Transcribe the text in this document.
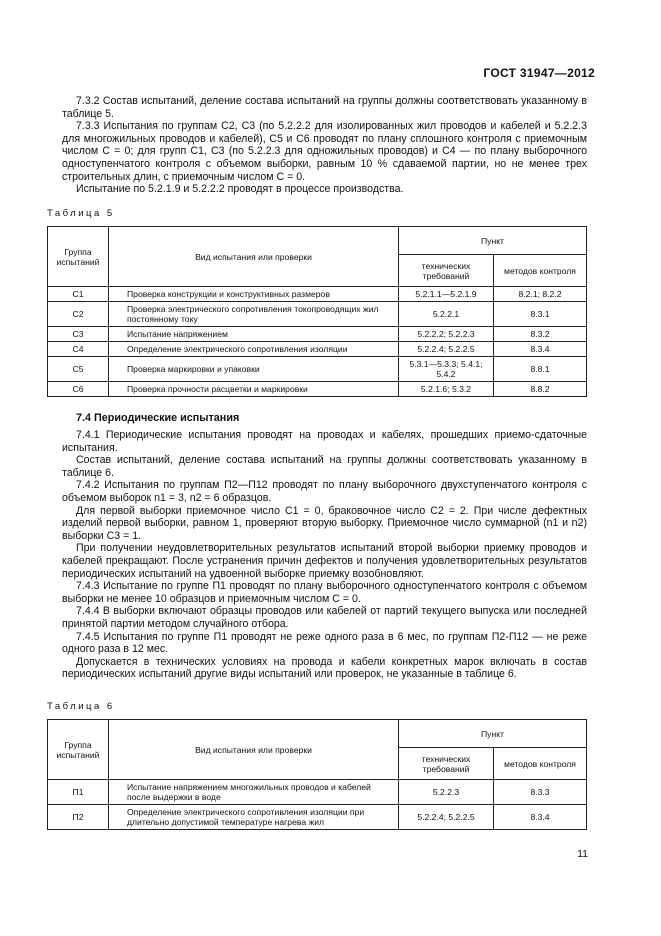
ГОСТ 31947—2012

7.3.2 Состав испытаний, деление состава испытаний на группы должны соответствовать указанному в таблице 5.

7.3.3 Испытания по группам С2, С3 (по 5.2.2.2 для изолированных жил проводов и кабелей и 5.2.2.3 для многожильных проводов и кабелей), С5 и С6 проводят по плану сплошного контроля с приемочным числом C = 0; для групп С1, С3 (по 5.2.2.3 для одножильных проводов) и С4 — по плану выборочного одноступенчатого контроля с объемом выборки, равным 10 % сдаваемой партии, но не менее трех строительных длин, с приемочным числом C = 0.

Испытание по 5.2.1.9 и 5.2.2.2 проводят в процессе производства.

Таблица 5
Группа испытаний	Вид испытания или проверки	Пункт	
		технических требований	методов контроля
С1	Проверка конструкции и конструктивных размеров	5.2.1.1—5.2.1.9	8.2.1; 8.2.2
С2	Проверка электрического сопротивления токопроводящих жил постоянному току	5.2.2.1	8.3.1
С3	Испытание напряжением	5.2.2.2; 5.2.2.3	8.3.2
С4	Определение электрического сопротивления изоляции	5.2.2.4; 5.2.2.5	8.3.4
С5	Проверка маркировки и упаковки	5.3.1—5.3.3; 5.4.1; 5.4.2	8.8.1
С6	Проверка прочности расцветки и маркировки	5.2.1.6; 5.3.2	8.8.2
7.4 Периодические испытания

7.4.1 Периодические испытания проводят на проводах и кабелях, прошедших приемо-сдаточные испытания.

Состав испытаний, деление состава испытаний на группы должны соответствовать указанному в таблице 6.

7.4.2 Испытания по группам П2—П12 проводят по плану выборочного двухступенчатого контроля с объемом выборок n1 = 3, n2 = 6 образцов.

Для первой выборки приемочное число C1 = 0, браковочное число C2 = 2. При числе дефектных изделий первой выборки, равном 1, проверяют вторую выборку. Приемочное число суммарной (n1 и n2) выборки C3 = 1.

При получении неудовлетворительных результатов испытаний второй выборки приемку проводов и кабелей прекращают. После устранения причин дефектов и получения удовлетворительных результатов периодических испытаний на удвоенной выборке приемку возобновляют.

7.4.3 Испытание по группе П1 проводят по плану выборочного одноступенчатого контроля с объемом выборки не менее 10 образцов и приемочным числом C = 0.

7.4.4 В выборки включают образцы проводов или кабелей от партий текущего выпуска или последней принятой партии методом случайного отбора.

7.4.5 Испытания по группе П1 проводят не реже одного раза в 6 мес, по группам П2-П12 — не реже одного раза в 12 мес.

Допускается в технических условиях на провода и кабели конкретных марок включать в состав периодических испытаний другие виды испытаний или проверок, не указанные в таблице 6.

Таблица 6
Группа испытаний	Вид испытания или проверки	Пункт	
		технических требований	методов контроля
П1	Испытание напряжением многожильных проводов и кабелей после выдержки в воде	5.2.2.3	8.3.3
П2	Определение электрического сопротивления изоляции при длительно допустимой температуре нагрева жил	5.2.2.4; 5.2.2.5	8.3.4
11
